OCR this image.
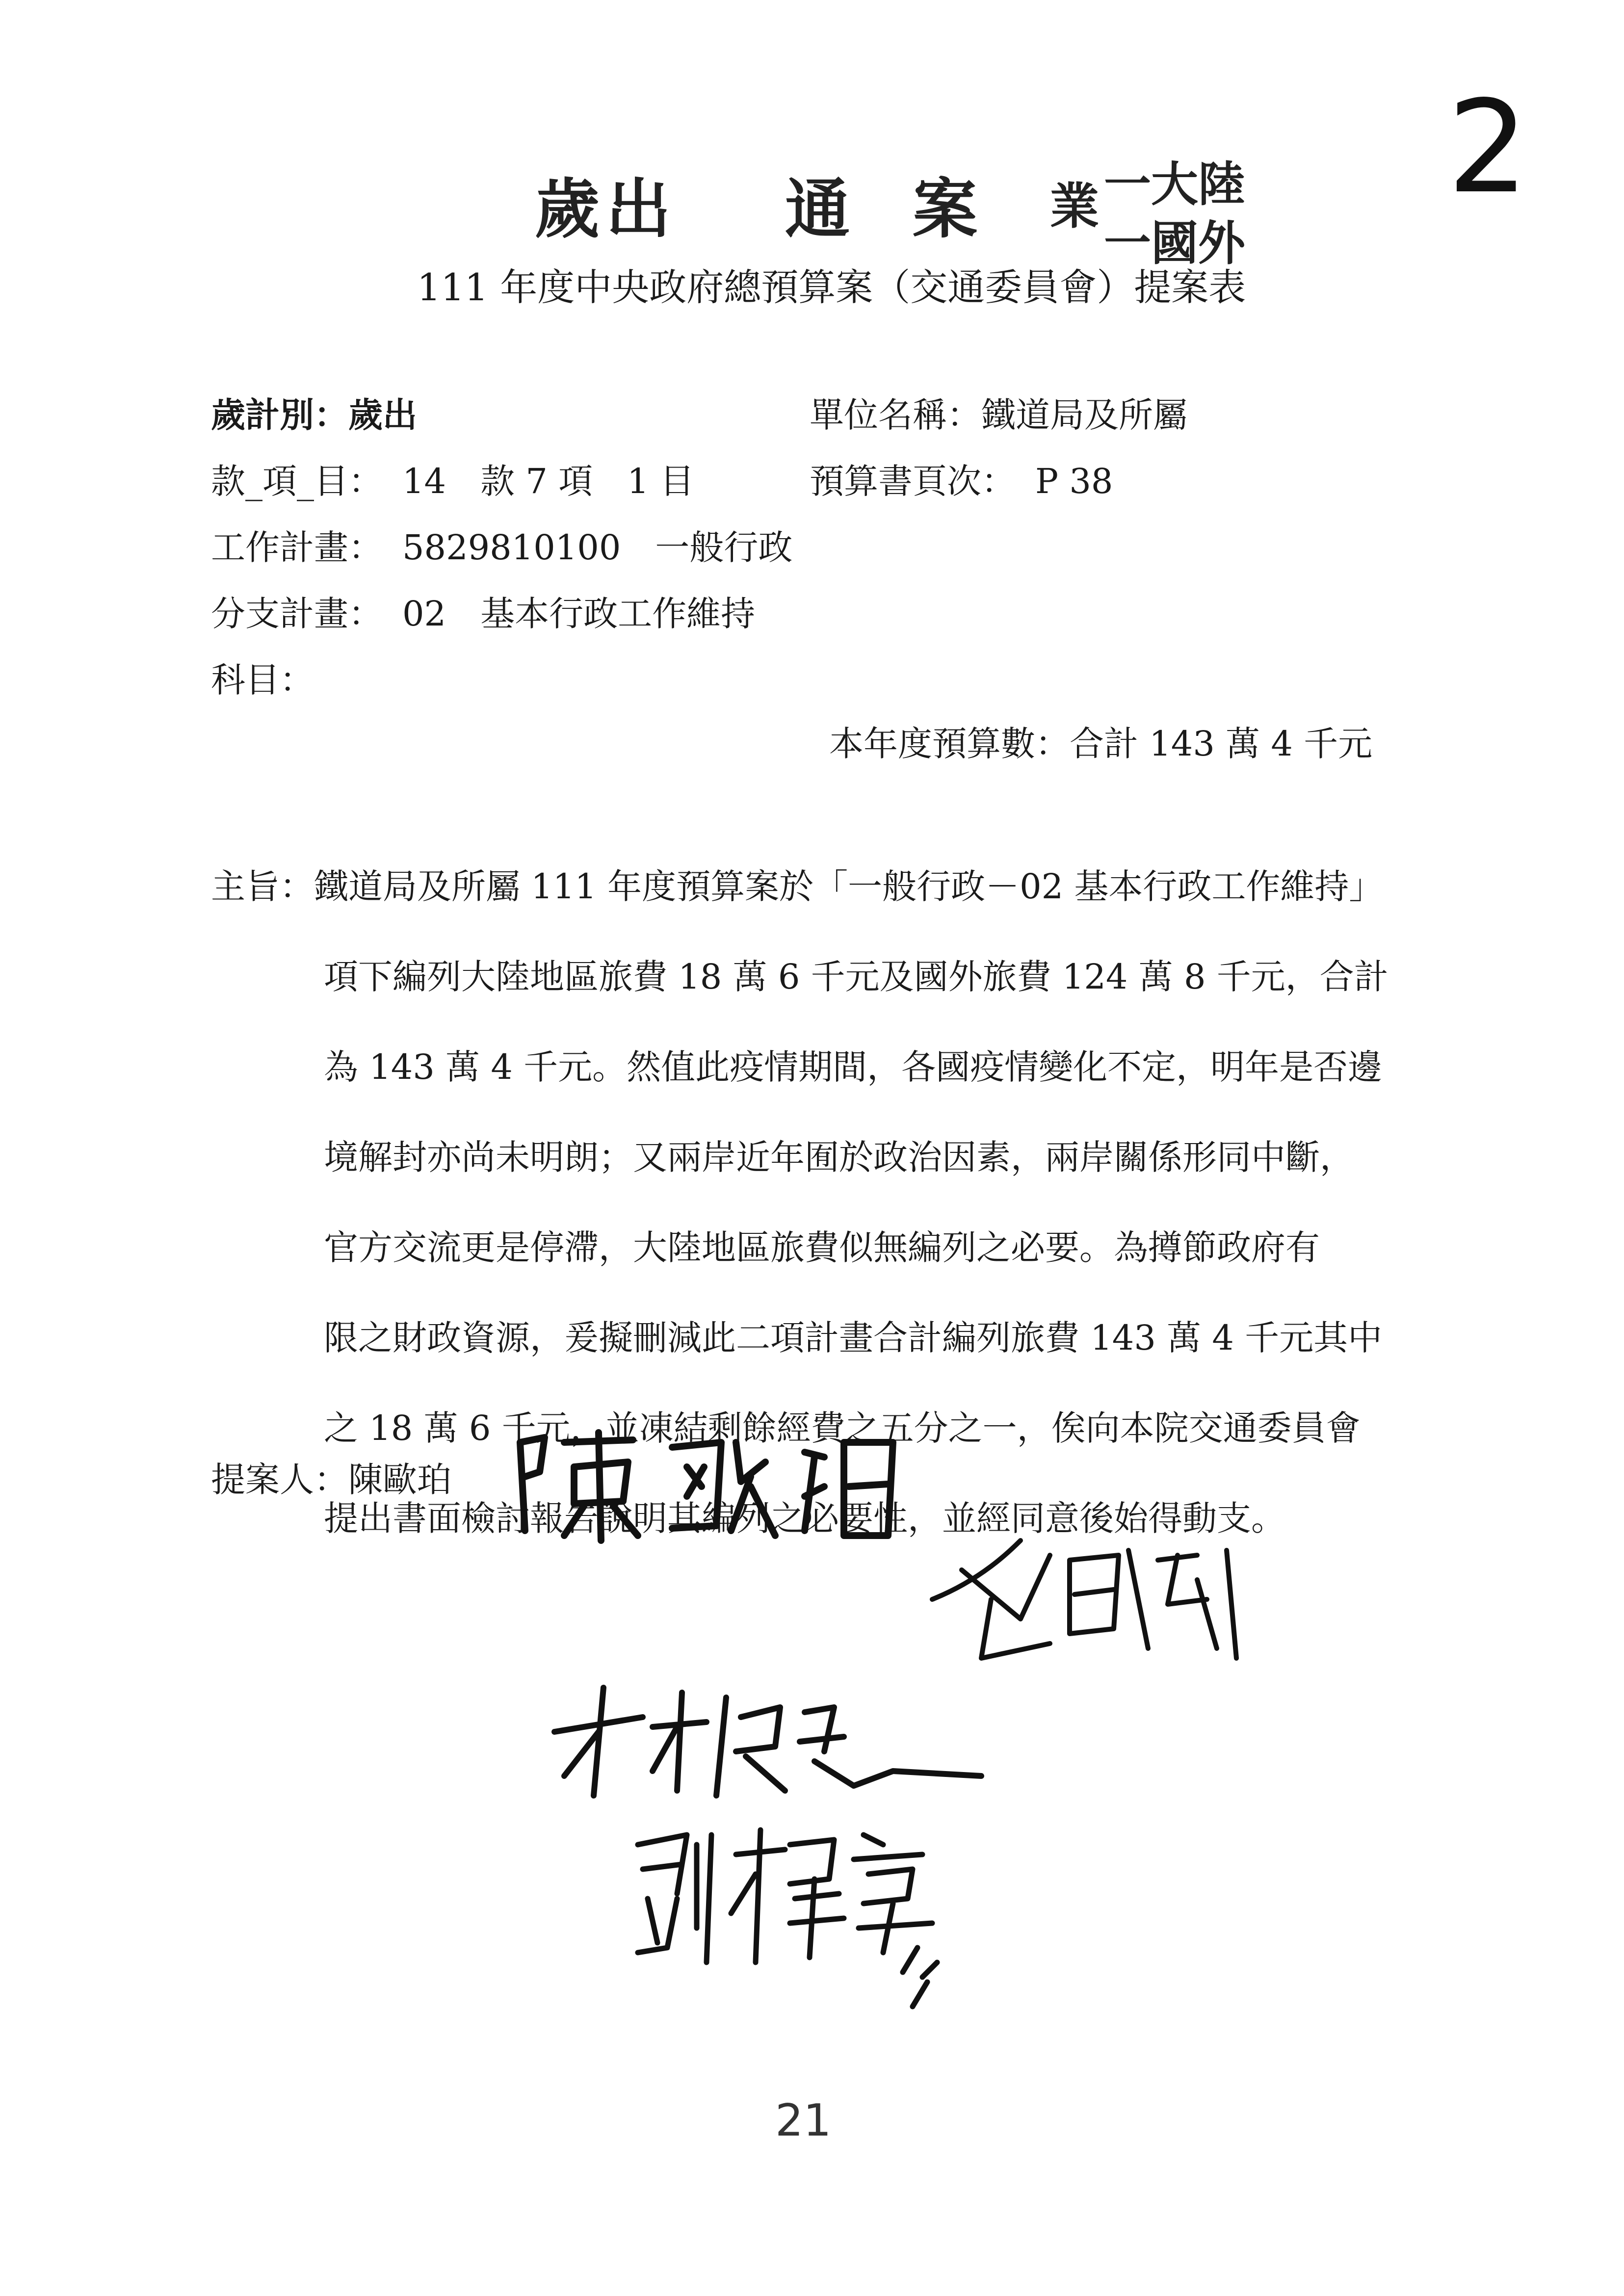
歲 出 通 案 業 一大陸
一國外
2
111 年度中央政府總預算案（交通委員會）提案表
歲計別：歲出
款_項_目： 14　款 7 項　1 目
工作計畫： 5829810100　一般行政
分支計畫： 02　基本行政工作維持
科目：
單位名稱：鐵道局及所屬
預算書頁次： P 38
本年度預算數：合計 143 萬 4 千元
主旨：鐵道局及所屬 111 年度預算案於「一般行政－02 基本行政工作維持」
項下編列大陸地區旅費 18 萬 6 千元及國外旅費 124 萬 8 千元，合計
為 143 萬 4 千元。然值此疫情期間，各國疫情變化不定，明年是否邊
境解封亦尚未明朗；又兩岸近年囿於政治因素，兩岸關係形同中斷，
官方交流更是停滯，大陸地區旅費似無編列之必要。為撙節政府有
限之財政資源，爰擬刪減此二項計畫合計編列旅費 143 萬 4 千元其中
之 18 萬 6 千元，並凍結剩餘經費之五分之一，俟向本院交通委員會
提出書面檢討報告說明其編列之必要性，並經同意後始得動支。
提案人：陳歐珀
21
